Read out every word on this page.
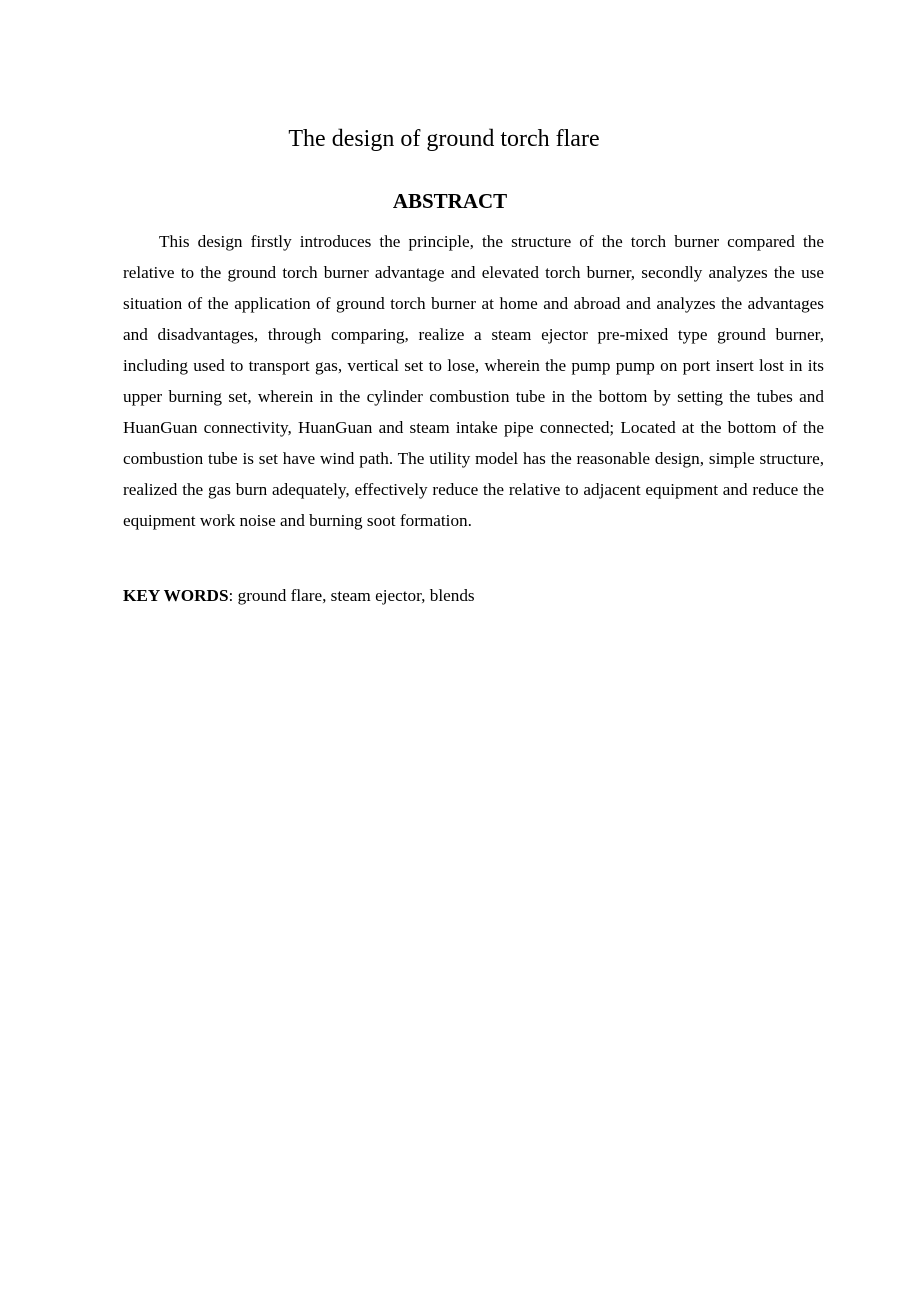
The design of ground torch flare
ABSTRACT

This design firstly introduces the principle, the structure of the torch burner compared the relative to the ground torch burner advantage and elevated torch burner, secondly analyzes the use situation of the application of ground torch burner at home and abroad and analyzes the advantages and disadvantages, through comparing, realize a steam ejector pre-mixed type ground burner, including used to transport gas, vertical set to lose, wherein the pump pump on port insert lost in its upper burning set, wherein in the cylinder combustion tube in the bottom by setting the tubes and HuanGuan connectivity, HuanGuan and steam intake pipe connected; Located at the bottom of the combustion tube is set have wind path. The utility model has the reasonable design, simple structure, realized the gas burn adequately, effectively reduce the relative to adjacent equipment and reduce the equipment work noise and burning soot formation.

KEY WORDS: ground flare, steam ejector, blends
